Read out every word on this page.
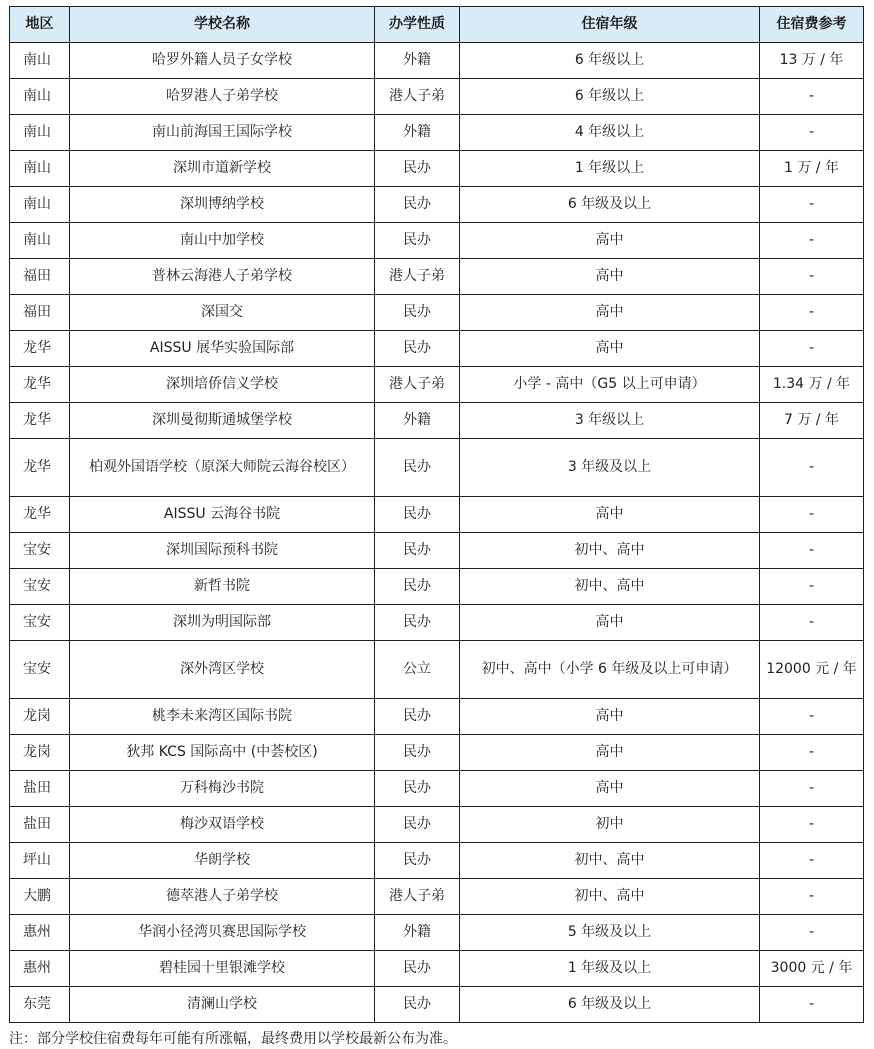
地区	学校名称	办学性质	住宿年级	住宿费参考
南山	哈罗外籍人员子女学校	外籍	6 年级以上	13 万 / 年
南山	哈罗港人子弟学校	港人子弟	6 年级以上	-
南山	南山前海国王国际学校	外籍	4 年级以上	-
南山	深圳市道新学校	民办	1 年级以上	1 万 / 年
南山	深圳博纳学校	民办	6 年级及以上	-
南山	南山中加学校	民办	高中	-
福田	普林云海港人子弟学校	港人子弟	高中	-
福田	深国交	民办	高中	-
龙华	AISSU 展华实验国际部	民办	高中	-
龙华	深圳培侨信义学校	港人子弟	小学 - 高中（G5 以上可申请）	1.34 万 / 年
龙华	深圳曼彻斯通城堡学校	外籍	3 年级以上	7 万 / 年
龙华	柏观外国语学校（原深大师院云海谷校区）	民办	3 年级及以上	-
龙华	AISSU 云海谷书院	民办	高中	-
宝安	深圳国际预科书院	民办	初中、高中	-
宝安	新哲书院	民办	初中、高中	-
宝安	深圳为明国际部	民办	高中	-
宝安	深外湾区学校	公立	初中、高中（小学 6 年级及以上可申请）	12000 元 / 年
龙岗	桃李未来湾区国际书院	民办	高中	-
龙岗	狄邦 KCS 国际高中 (中荟校区)	民办	高中	-
盐田	万科梅沙书院	民办	高中	-
盐田	梅沙双语学校	民办	初中	-
坪山	华朗学校	民办	初中、高中	-
大鹏	德萃港人子弟学校	港人子弟	初中、高中	-
惠州	华润小径湾贝赛思国际学校	外籍	5 年级及以上	-
惠州	碧桂园十里银滩学校	民办	1 年级及以上	3000 元 / 年
东莞	清澜山学校	民办	6 年级及以上	-
注：部分学校住宿费每年可能有所涨幅，最终费用以学校最新公布为准。
